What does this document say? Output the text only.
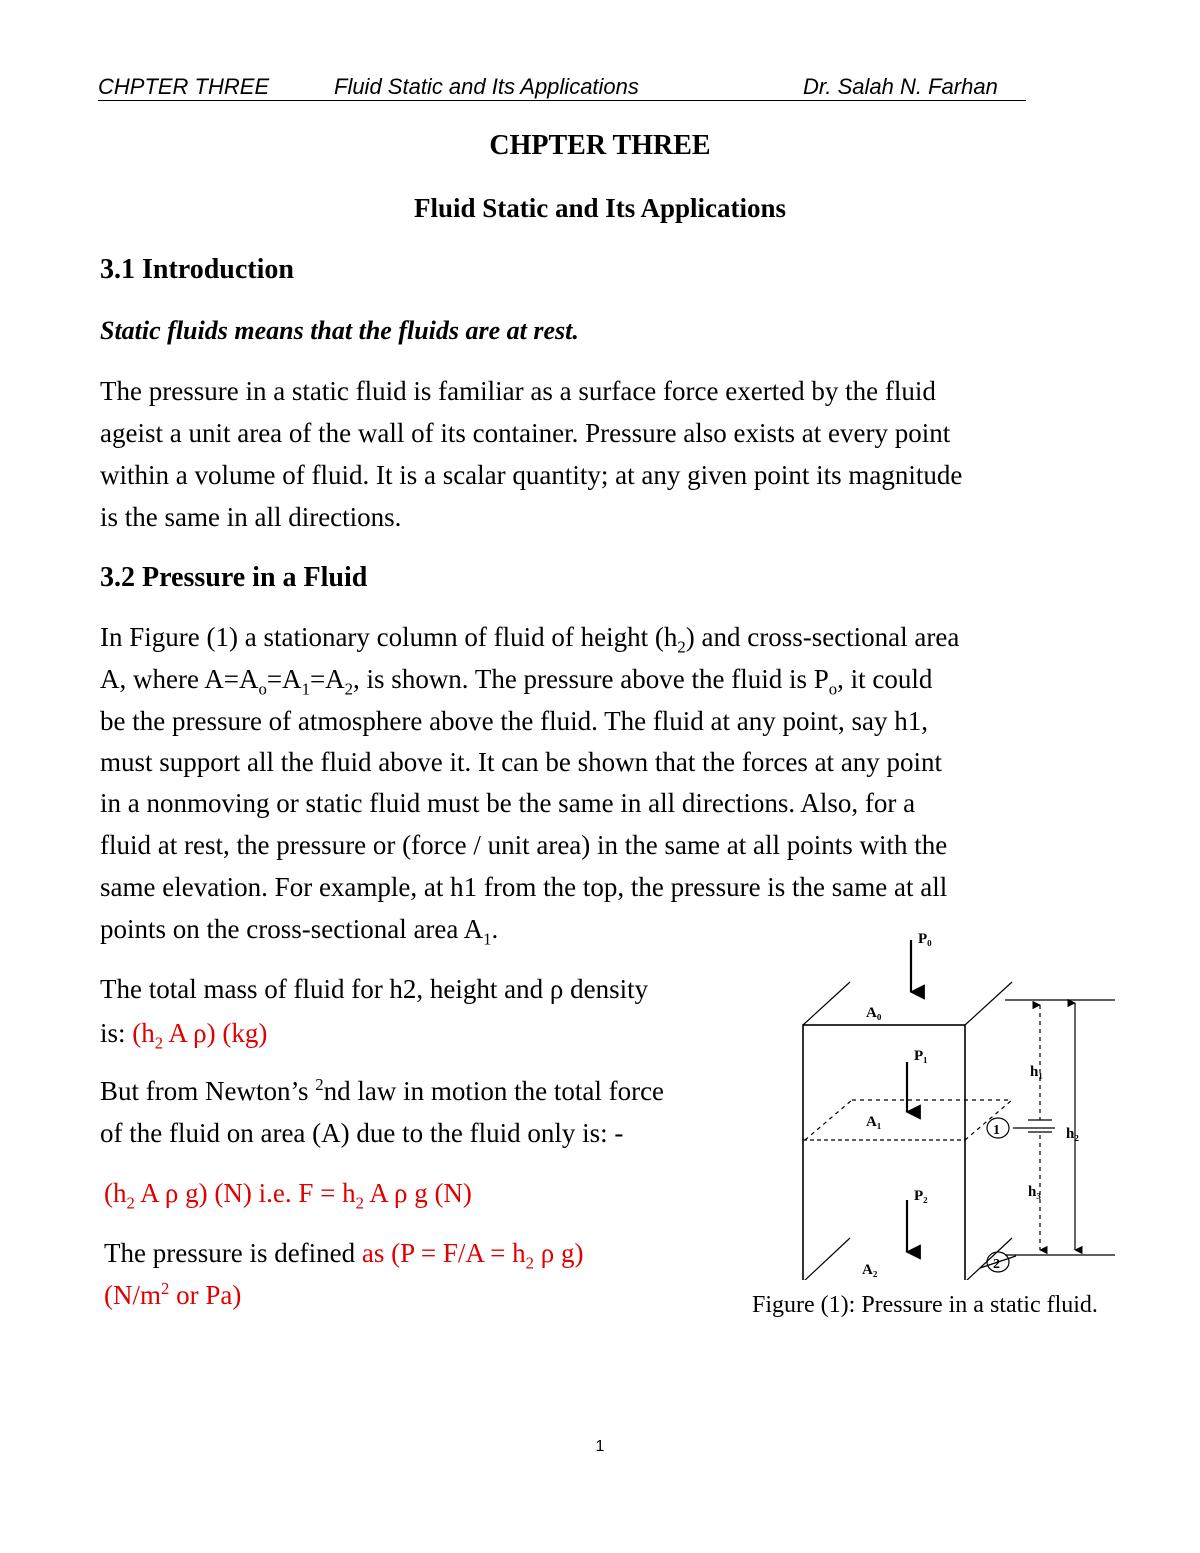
CHPTER THREE	Fluid Static and Its Applications	Dr. Salah N. Farhan
CHPTER THREE
Fluid Static and Its Applications
3.1 Introduction
Static fluids means that the fluids are at rest.
The pressure in a static fluid is familiar as a surface force exerted by the fluid
ageist a unit area of the wall of its container. Pressure also exists at every point
within a volume of fluid. It is a scalar quantity; at any given point its magnitude
is the same in all directions.
3.2 Pressure in a Fluid
In Figure (1) a stationary column of fluid of height $(h_2)$ and cross-sectional area
A, where $A=A_o=A_1=A_2$, is shown. The pressure above the fluid is $P_o$, it could
be the pressure of atmosphere above the fluid. The fluid at any point, say h1,
must support all the fluid above it. It can be shown that the forces at any point
in a nonmoving or static fluid must be the same in all directions. Also, for a
fluid at rest, the pressure or (force / unit area) in the same at all points with the
same elevation. For example, at h1 from the top, the pressure is the same at all
points on the cross-sectional area $A_1$.
The total mass of fluid for h2, height and ρ density
is: ($h_2$ A ρ) (kg)
But from Newton’s $^2$nd law in motion the total force
of the fluid on area (A) due to the fluid only is: -
($h_2$ A ρ g) (N) i.e. $F = h_2$ A ρ g (N)
The pressure is defined as ($P = F/A = h_2$ ρ g)
($N/m^2$ or Pa)
P₀
A₀
P₁
A₁
P₂
A₂
h₁
h₂
h₃
1
2
Figure (1): Pressure in a static fluid.
1
